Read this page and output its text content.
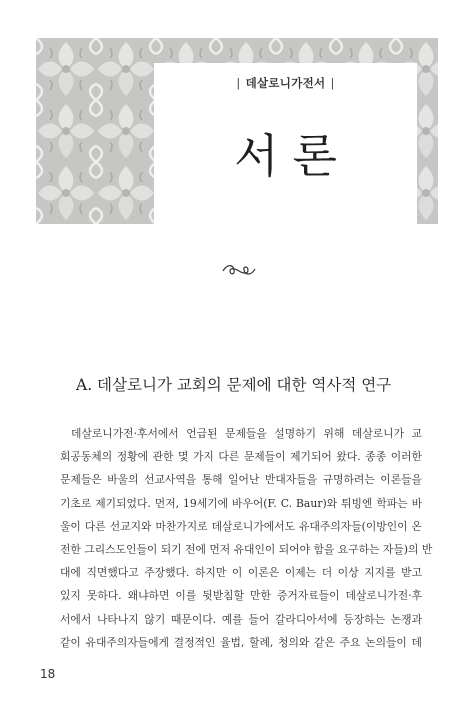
| 데살로니가전서 |
서론
A. 데살로니가 교회의 문제에 대한 역사적 연구
데살로니가전·후서에서 언급된 문제들을 설명하기 위해 데살로니가 교
회공동체의 정황에 관한 몇 가지 다른 문제들이 제기되어 왔다. 종종 이러한
문제들은 바울의 선교사역을 통해 일어난 반대자들을 규명하려는 이론들을
기초로 제기되었다. 먼저, 19세기에 바우어(F. C. Baur)와 튀빙엔 학파는 바
울이 다른 선교지와 마찬가지로 데살로니가에서도 유대주의자들(이방인이 온
전한 그리스도인들이 되기 전에 먼저 유대인이 되어야 함을 요구하는 자들)의 반
대에 직면했다고 주장했다. 하지만 이 이론은 이제는 더 이상 지지를 받고
있지 못하다. 왜냐하면 이를 뒷받침할 만한 증거자료들이 데살로니가전·후
서에서 나타나지 않기 때문이다. 예를 들어 갈라디아서에 등장하는 논쟁과
같이 유대주의자들에게 결정적인 율법, 할례, 청의와 같은 주요 논의들이 데
18
